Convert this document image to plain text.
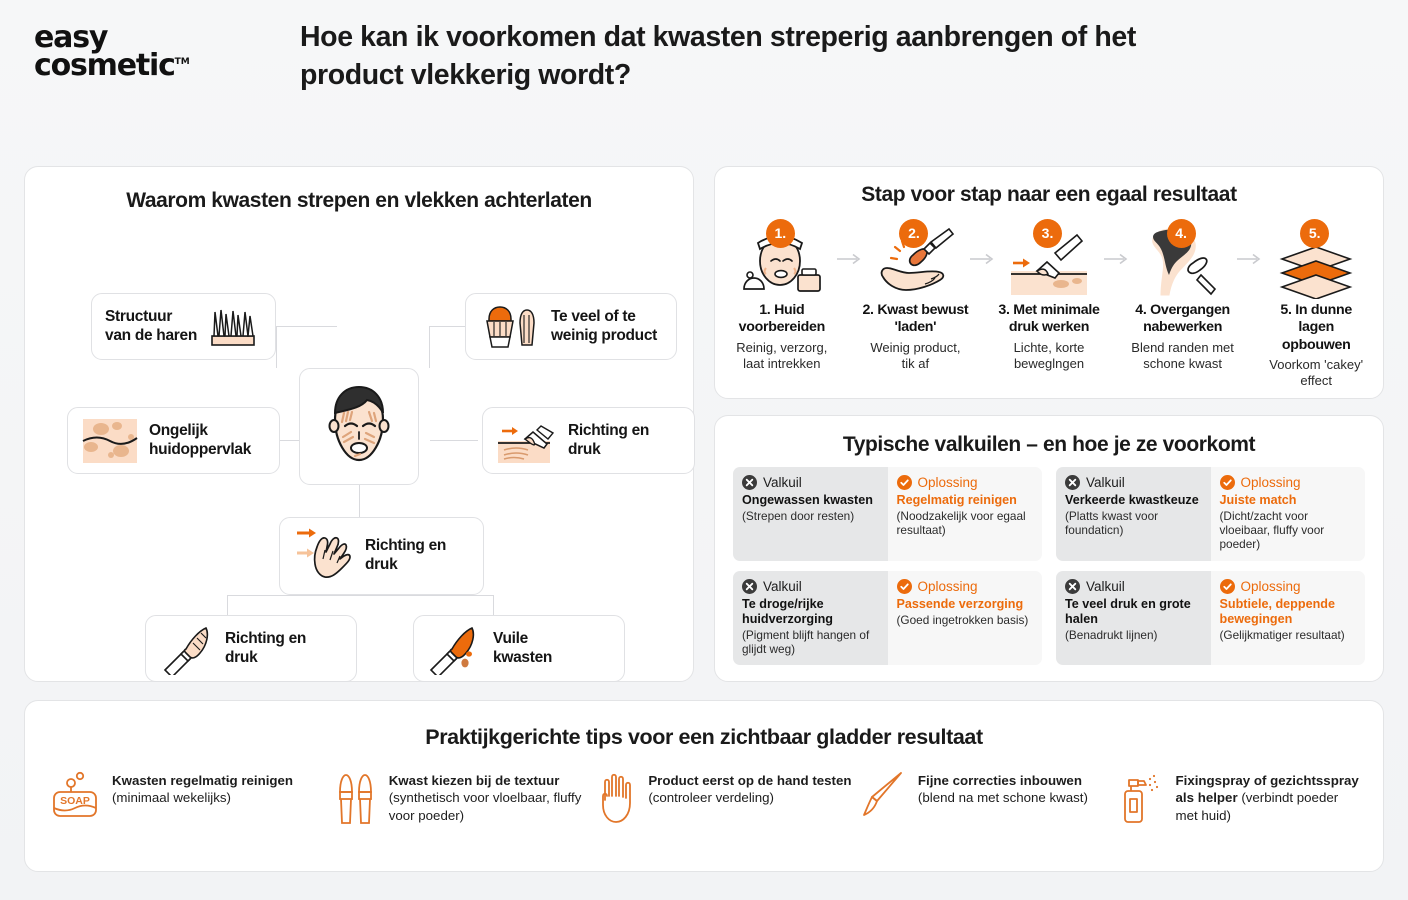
easy
cosmetic™
Hoe kan ik voorkomen dat kwasten streperig aanbrengen of het product vlekkerig wordt?
Waarom kwasten strepen en vlekken achterlaten
Structuur
van de haren
Te veel of te
weinig product
Ongelijk
huidoppervlak
Richting en
druk
Richting en
druk
Richting en
druk
Vuile
kwasten
Stap voor stap naar een egaal resultaat
1.
1. Huid
voorbereiden
Reinig, verzorg,
laat intrekken
2.
2. Kwast bewust
'laden'
Weinig product,
tik af
3.
3. Met minimale
druk werken
Lichte, korte
beweglngen
4.
4. Overgangen
nabewerken
Blend randen met
schone kwast
5.
5. In dunne lagen
opbouwen
Voorkom 'cakey'
effect
Typische valkuilen – en hoe je ze voorkomt
Valkuil
Ongewassen kwasten
(Strepen door resten)
Oplossing
Regelmatig reinigen
(Noodzakelijk voor egaal resultaat)
Valkuil
Verkeerde kwastkeuze
(Platts kwast voor foundaticn)
Oplossing
Juiste match
(Dicht/zacht voor vloeibaar, fluffy voor poeder)
Valkuil
Te droge/rijke huidverzorging
(Pigment blijft hangen of glijdt weg)
Oplossing
Passende verzorging
(Goed ingetrokken basis)
Valkuil
Te veel druk en grote halen
(Benadrukt lijnen)
Oplossing
Subtiele, deppende bewegingen
(Gelijkmatiger resultaat)
Praktijkgerichte tips voor een zichtbaar gladder resultaat
SOAP
Kwasten regelmatig reinigen
(minimaal wekelijks)
Kwast kiezen bij de textuur
(synthetisch voor vloelbaar, fluffy voor poeder)
Product eerst op de hand testen
(controleer verdeling)
Fijne correcties inbouwen
(blend na met schone kwast)
Fixingspray of gezichtsspray als helper (verbindt poeder met huid)
